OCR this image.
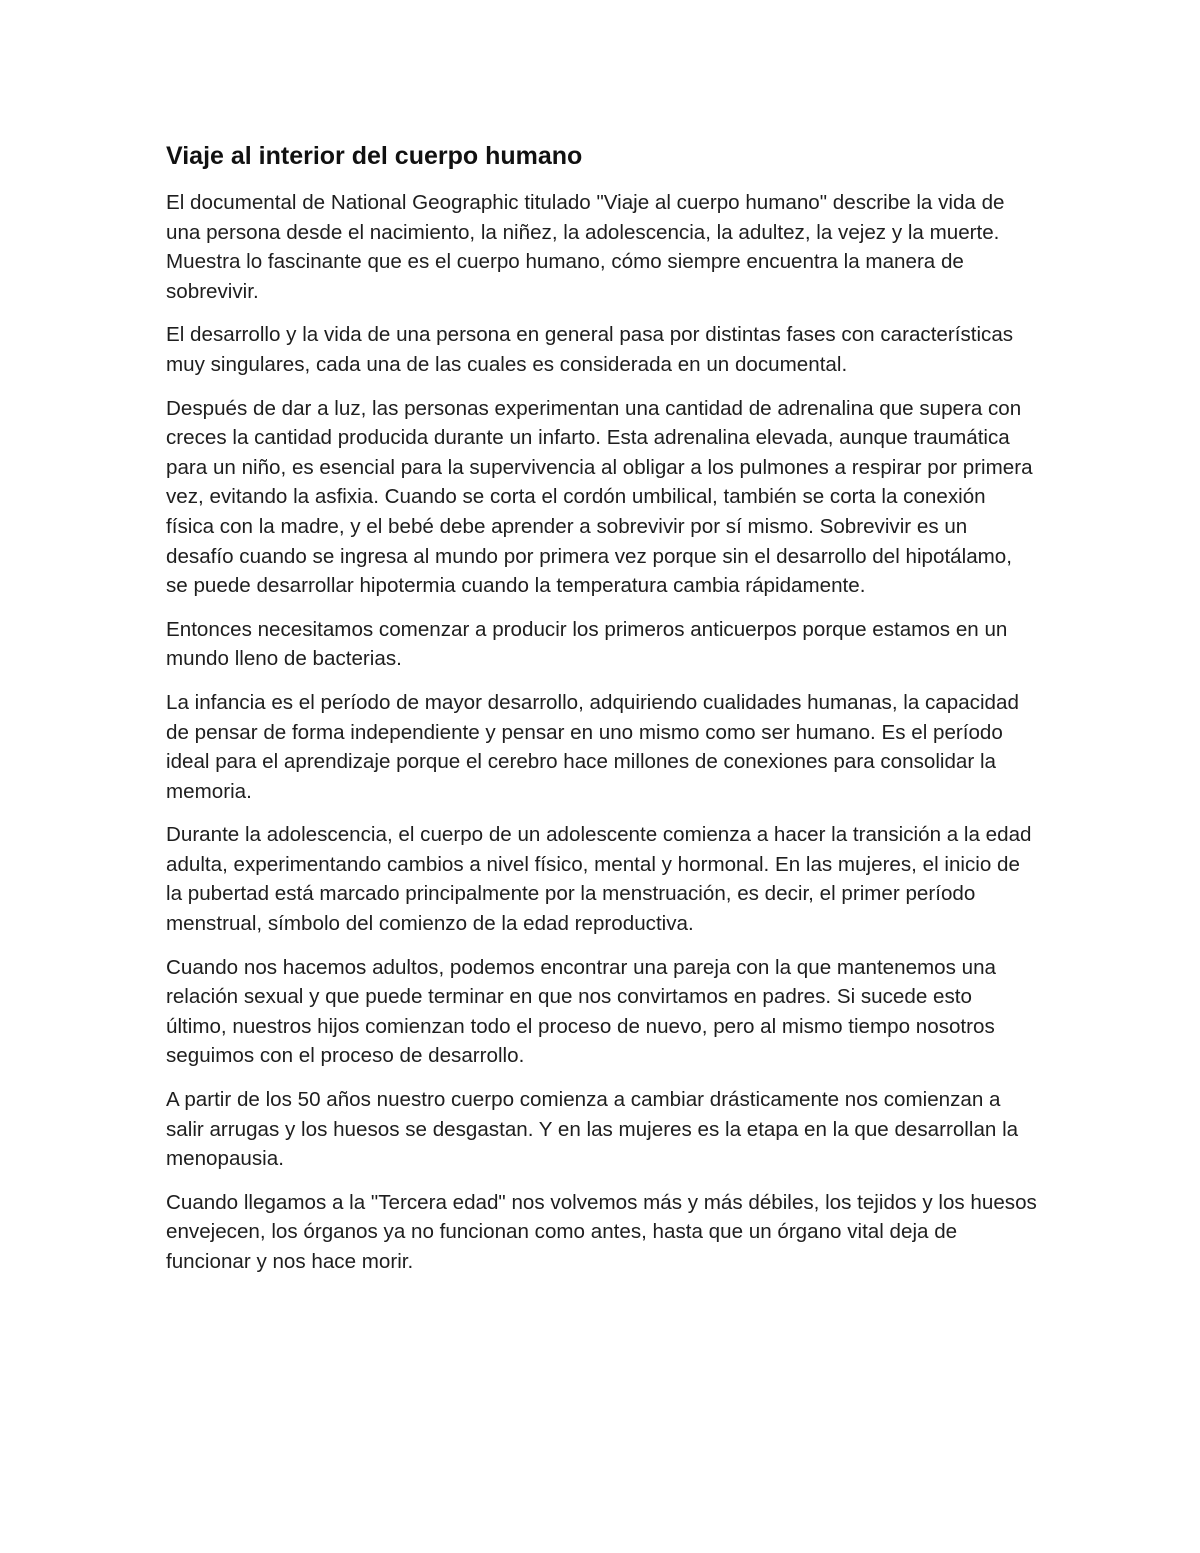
Viaje al interior del cuerpo humano

El documental de National Geographic titulado "Viaje al cuerpo humano" describe la vida de una persona desde el nacimiento, la niñez, la adolescencia, la adultez, la vejez y la muerte. Muestra lo fascinante que es el cuerpo humano, cómo siempre encuentra la manera de sobrevivir.

El desarrollo y la vida de una persona en general pasa por distintas fases con características muy singulares, cada una de las cuales es considerada en un documental.

Después de dar a luz, las personas experimentan una cantidad de adrenalina que supera con creces la cantidad producida durante un infarto. Esta adrenalina elevada, aunque traumática para un niño, es esencial para la supervivencia al obligar a los pulmones a respirar por primera vez, evitando la asfixia. Cuando se corta el cordón umbilical, también se corta la conexión física con la madre, y el bebé debe aprender a sobrevivir por sí mismo. Sobrevivir es un desafío cuando se ingresa al mundo por primera vez porque sin el desarrollo del hipotálamo, se puede desarrollar hipotermia cuando la temperatura cambia rápidamente.

Entonces necesitamos comenzar a producir los primeros anticuerpos porque estamos en un mundo lleno de bacterias.

La infancia es el período de mayor desarrollo, adquiriendo cualidades humanas, la capacidad de pensar de forma independiente y pensar en uno mismo como ser humano. Es el período ideal para el aprendizaje porque el cerebro hace millones de conexiones para consolidar la memoria.

Durante la adolescencia, el cuerpo de un adolescente comienza a hacer la transición a la edad adulta, experimentando cambios a nivel físico, mental y hormonal. En las mujeres, el inicio de la pubertad está marcado principalmente por la menstruación, es decir, el primer período menstrual, símbolo del comienzo de la edad reproductiva.

Cuando nos hacemos adultos, podemos encontrar una pareja con la que mantenemos una relación sexual y que puede terminar en que nos convirtamos en padres. Si sucede esto último, nuestros hijos comienzan todo el proceso de nuevo, pero al mismo tiempo nosotros seguimos con el proceso de desarrollo.

A partir de los 50 años nuestro cuerpo comienza a cambiar drásticamente nos comienzan a salir arrugas y los huesos se desgastan. Y en las mujeres es la etapa en la que desarrollan la menopausia.

Cuando llegamos a la "Tercera edad" nos volvemos más y más débiles, los tejidos y los huesos envejecen, los órganos ya no funcionan como antes, hasta que un órgano vital deja de funcionar y nos hace morir.
